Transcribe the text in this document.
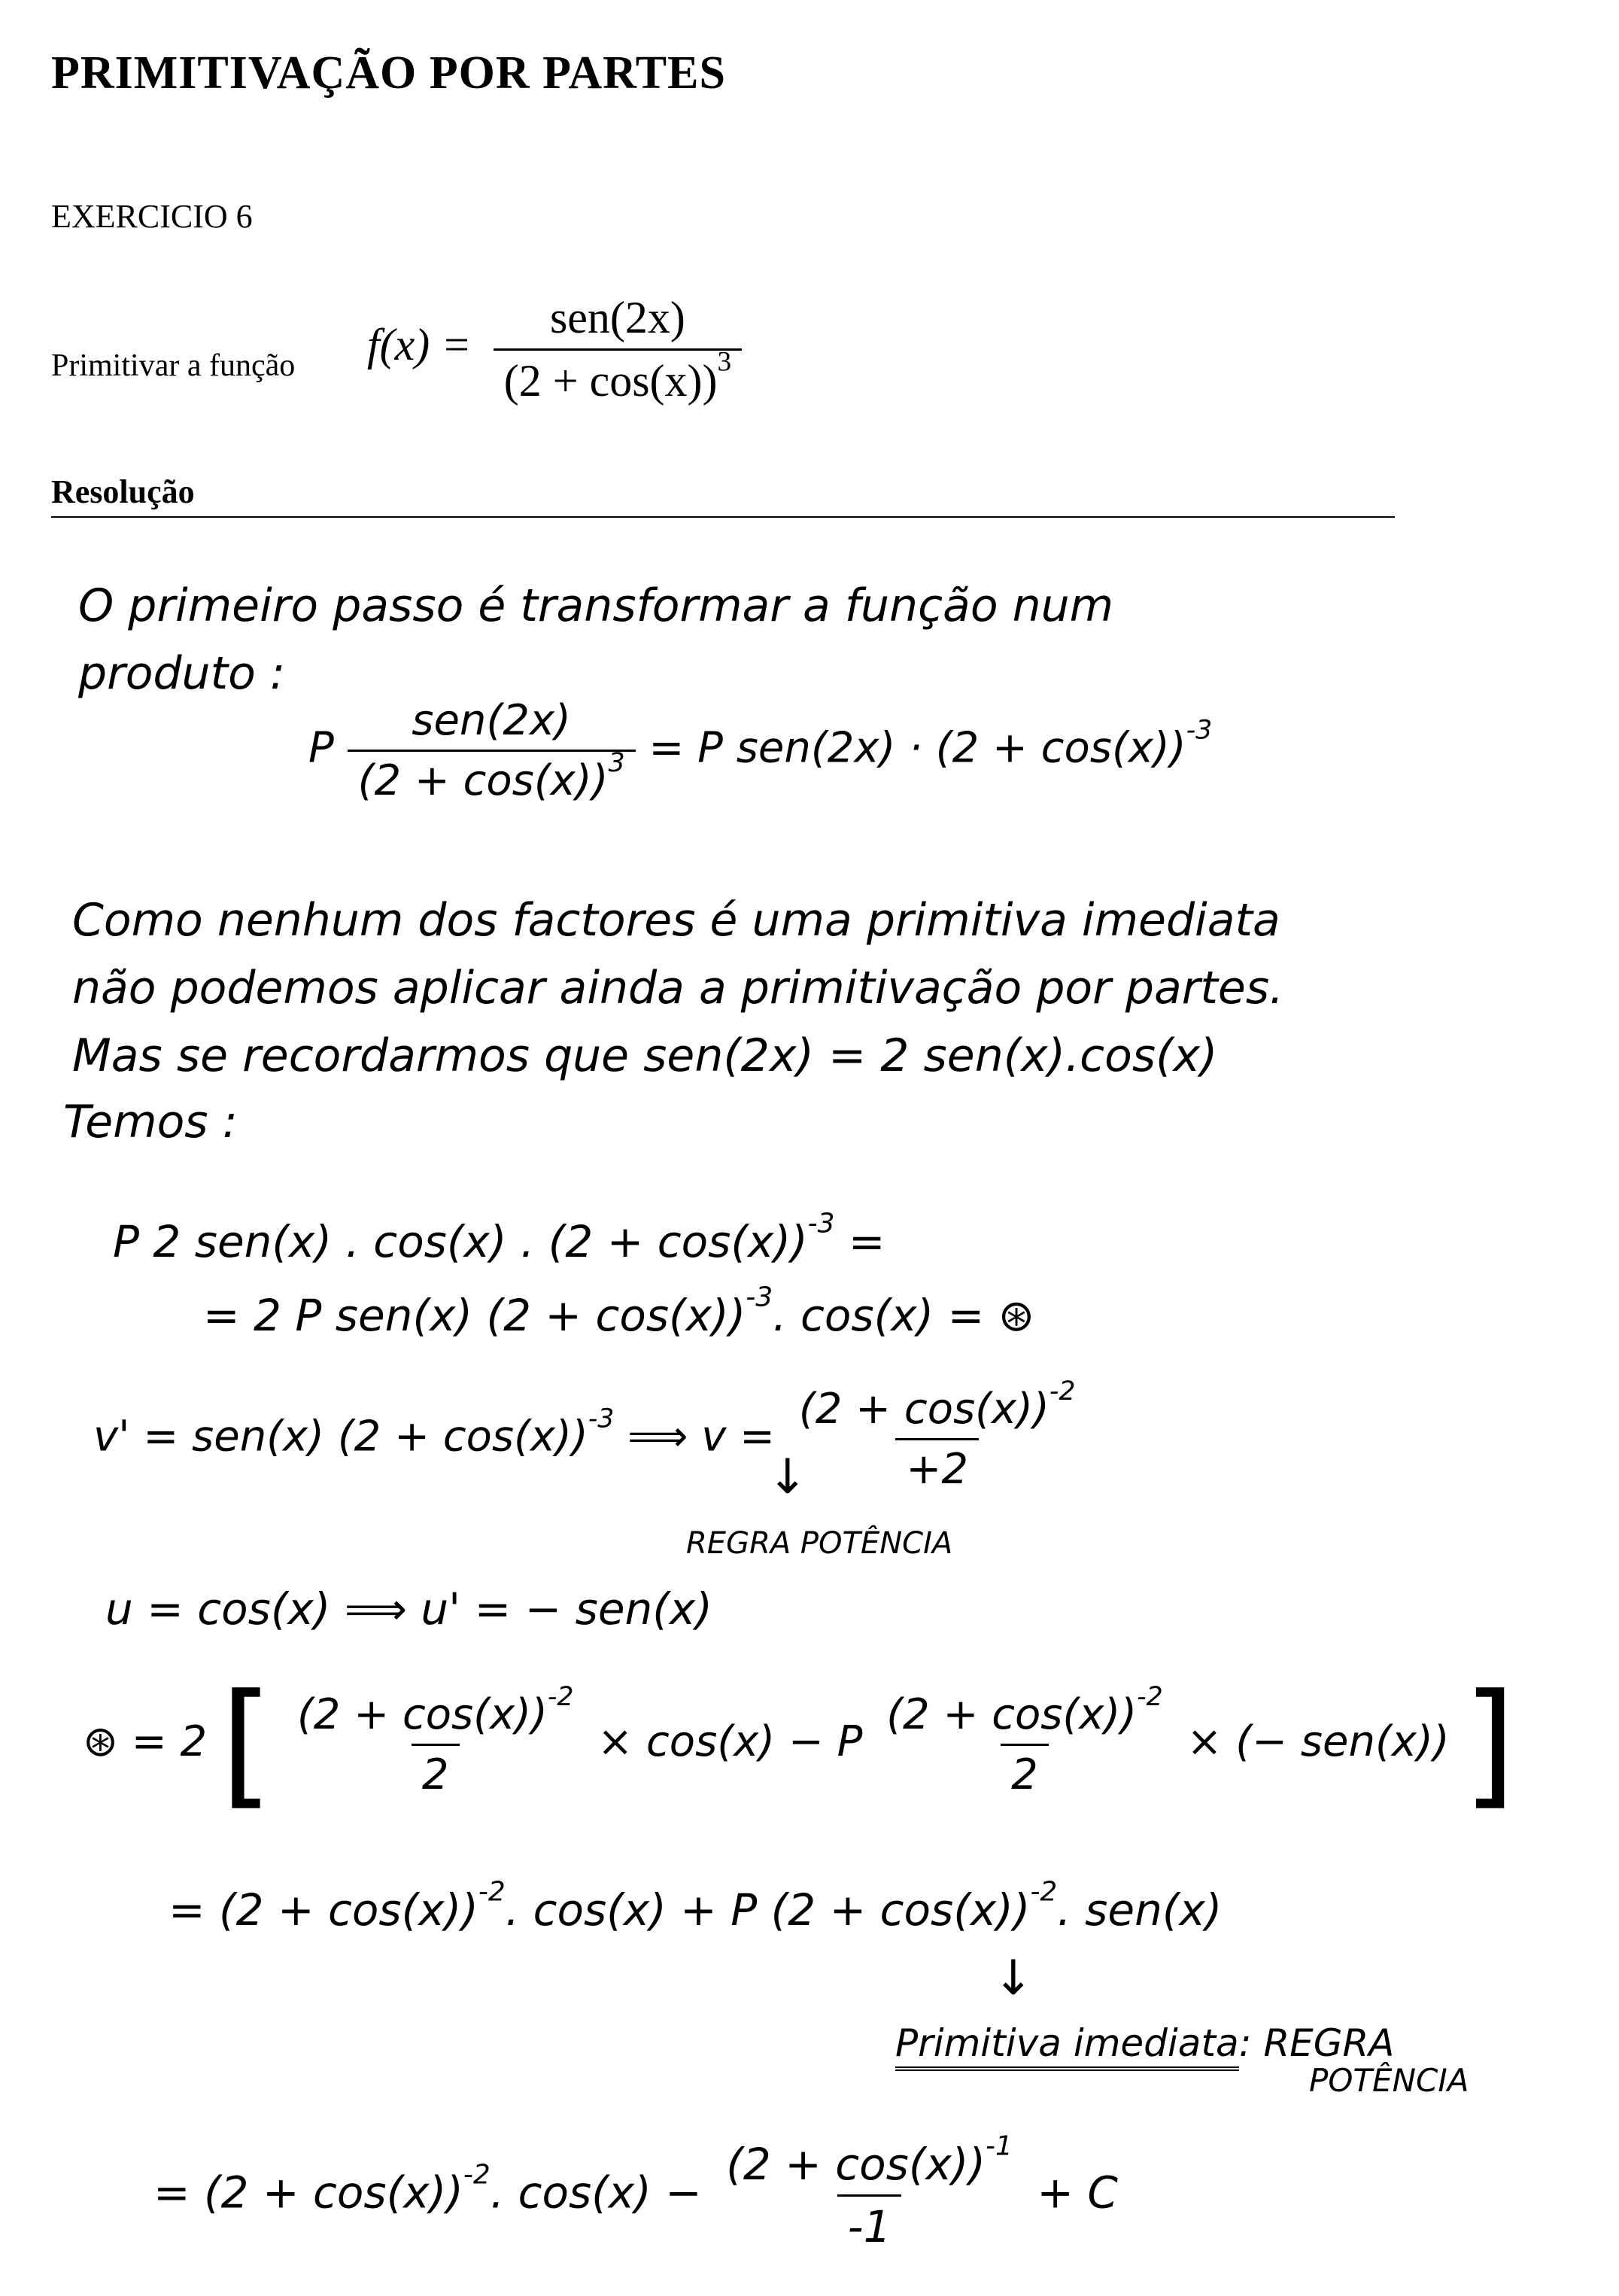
PRIMITIVAÇÃO POR PARTES
EXERCICIO 6
Primitivar a função $f(x) = \frac{\text{sen(2x)}}{(2 + \cos(x))^3}$
Resolução
O primeiro passo é transformar a função num
produto :
P $\frac{\text{sen(2x)}}{(2 + \cos(x))^3} = P$ $sen(2x) \cdot (2 + \cos(x))^{-3}$
Como nenhum dos factores é uma primitiva imediata
não podemos aplicar ainda a primitivação por partes.
Mas se recordarmos que sen(2x) = 2 sen(x).cos(x)
Temos :
P 2 sen(x) . cos(x) . $(2 + \cos(x))^{-3}$ =
= 2 P sen(x) $(2 + \cos(x))^{-3}$. cos(x) = ⊛
v' = sen(x) $(2 + \cos(x))^{-3}$ ⟹ $v = \frac{(2 + \cos(x))^{-2}}{+2}$
↓
REGRA POTÊNCIA
u = cos(x) ⟹ u' = − sen(x)
⊛ = 2 [ $\frac{(2 + \cos(x))^{-2}}{2} \times \cos(x) - P \frac{(2 + \cos(x))^{-2}}{2}$ × (− sen(x)) ]
= $(2 + \cos(x))^{-2}$. cos(x) + P $(2 + \cos(x))^{-2}$. sen(x)
↓
Primitiva imediata: REGRA
POTÊNCIA
= $(2 + \cos(x))^{-2}$. $\cos(x) - \frac{(2 + \cos(x))^{-1}}{-1} + C$
